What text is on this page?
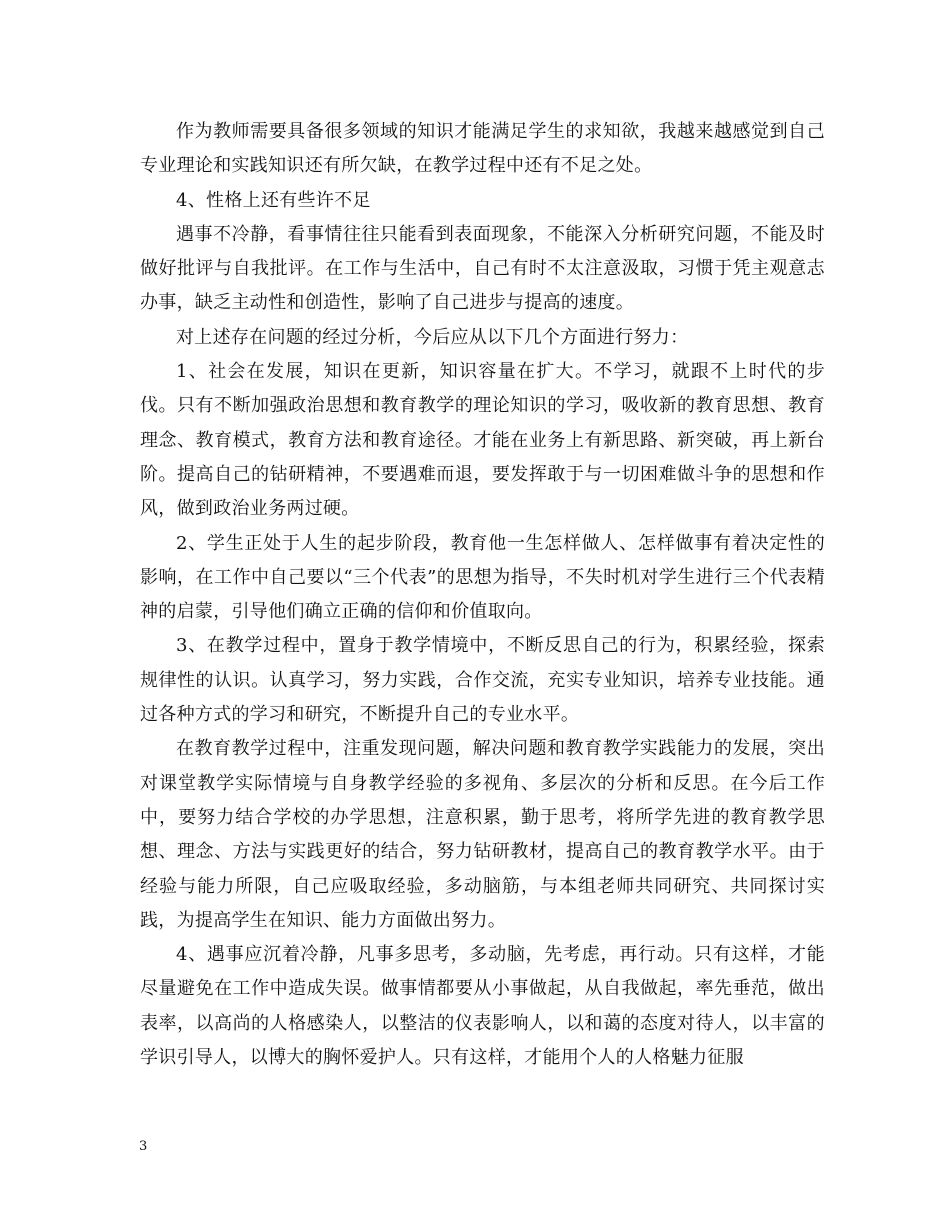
作为教师需要具备很多领域的知识才能满足学生的求知欲，我越来越感觉到自己专业理论和实践知识还有所欠缺，在教学过程中还有不足之处。

4、性格上还有些许不足

遇事不冷静，看事情往往只能看到表面现象，不能深入分析研究问题，不能及时做好批评与自我批评。在工作与生活中，自己有时不太注意汲取，习惯于凭主观意志办事，缺乏主动性和创造性，影响了自己进步与提高的速度。

对上述存在问题的经过分析，今后应从以下几个方面进行努力：

1、社会在发展，知识在更新，知识容量在扩大。不学习，就跟不上时代的步伐。只有不断加强政治思想和教育教学的理论知识的学习，吸收新的教育思想、教育理念、教育模式，教育方法和教育途径。才能在业务上有新思路、新突破，再上新台阶。提高自己的钻研精神，不要遇难而退，要发挥敢于与一切困难做斗争的思想和作风，做到政治业务两过硬。

2、学生正处于人生的起步阶段，教育他一生怎样做人、怎样做事有着决定性的影响，在工作中自己要以“三个代表”的思想为指导，不失时机对学生进行三个代表精神的启蒙，引导他们确立正确的信仰和价值取向。

3、在教学过程中，置身于教学情境中，不断反思自己的行为，积累经验，探索规律性的认识。认真学习，努力实践，合作交流，充实专业知识，培养专业技能。通过各种方式的学习和研究，不断提升自己的专业水平。

在教育教学过程中，注重发现问题，解决问题和教育教学实践能力的发展，突出对课堂教学实际情境与自身教学经验的多视角、多层次的分析和反思。在今后工作中，要努力结合学校的办学思想，注意积累，勤于思考，将所学先进的教育教学思想、理念、方法与实践更好的结合，努力钻研教材，提高自己的教育教学水平。由于经验与能力所限，自己应吸取经验，多动脑筋，与本组老师共同研究、共同探讨实践，为提高学生在知识、能力方面做出努力。

4、遇事应沉着冷静，凡事多思考，多动脑，先考虑，再行动。只有这样，才能尽量避免在工作中造成失误。做事情都要从小事做起，从自我做起，率先垂范，做出表率，以高尚的人格感染人，以整洁的仪表影响人，以和蔼的态度对待人，以丰富的学识引导人，以博大的胸怀爱护人。只有这样，才能用个人的人格魅力征服

3
